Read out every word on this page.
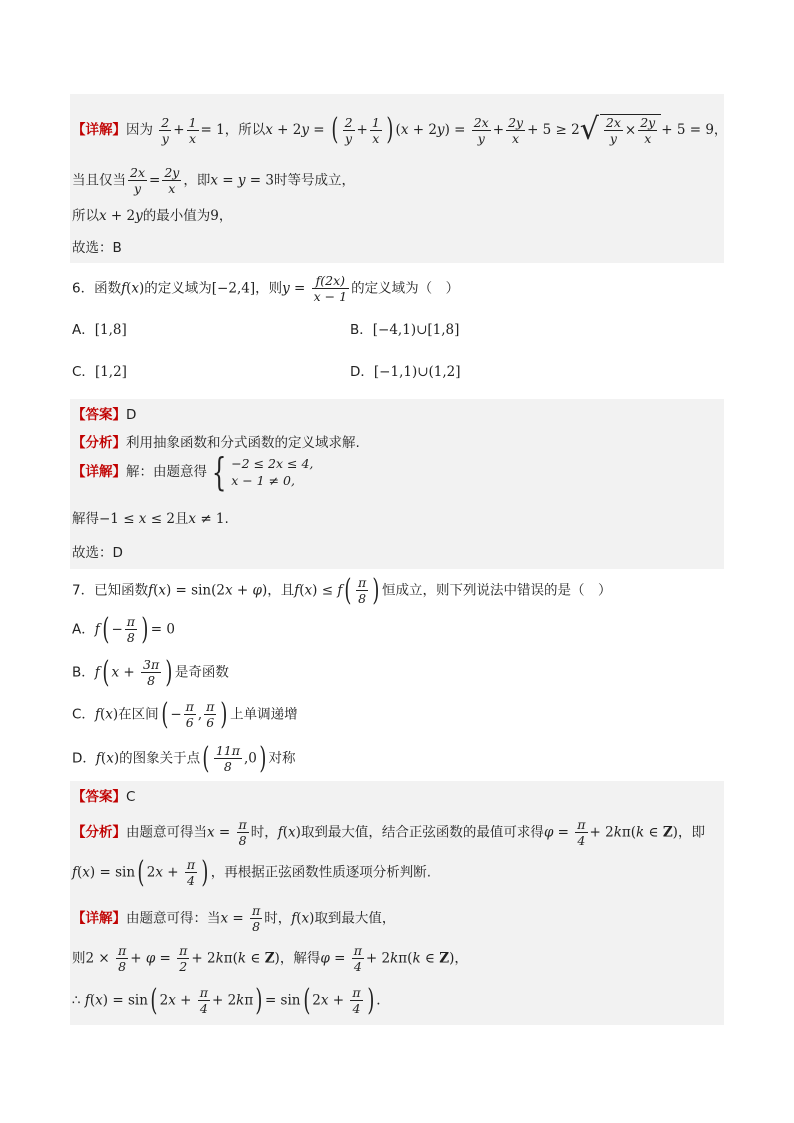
【详解】因为 $\frac{2}{y} + \frac{1}{x} = 1$，所以x + 2y = ( $\frac{2}{y} + \frac{1}{x}$ ) $(x + 2y) = \frac{2x}{y} + \frac{2y}{x} + 5 \ge 2√ \frac{2x}{y} \times \frac{2y}{x} + 5 = 9$，
当且仅当 $\frac{2x}{y} = \frac{2y}{x}$ ，即x = y = 3时等号成立，
所以x + 2y的最小值为9，
故选：B
6．函数f(x)的定义域为[−2,4]，则$y = \frac{f(2x)}{x - 1}$ 的定义域为（　）
A．[1,8]	B．[−4,1)∪[1,8]
C．[1,2]	D．[−1,1)∪(1,2]
【答案】D
【分析】利用抽象函数和分式函数的定义域求解.
【详解】解：由题意得 { −2 ≤ 2x ≤ 4,
x − 1 ≠ 0,
解得−1 ≤ x ≤ 2且x ≠ 1.
故选：D
7．已知函数f(x) = sin(2x + φ)，且$f(x) \le f( \frac{\pi}{8}$ ) 恒成立，则下列说法中错误的是（　）
A．$f( - \frac{\pi}{8}$ ) = 0
B．f( $x + \frac{3\pi}{8}$ ) 是奇函数
C．f(x)在区间( − $\frac{\pi}{6}$ , $\frac{\pi}{6}$ ) 上单调递增
D．f(x)的图象关于点( $\frac{11\pi}{8} ,0$) 对称
【答案】C
【分析】由题意可得当$x = \frac{\pi}{8}$ 时，f(x)取到最大值，结合正弦函数的最值可求得$\varphi = \frac{\pi}{4} + 2k\pi(k$ ∈ Z)，即
f(x) = sin( $2x + \frac{\pi}{4}$ ) ，再根据正弦函数性质逐项分析判断.
【详解】由题意可得：当$x = \frac{\pi}{8}$ 时，f(x)取到最大值，
则$2 \times \frac{\pi}{8} + \varphi = \frac{\pi}{2} + 2k\pi(k$ ∈ Z)，解得$\varphi = \frac{\pi}{4} + 2k\pi(k$ ∈ Z)，
∴ f(x) = sin( $2x + \frac{\pi}{4} + 2k\pi) = \sin$( $2x + \frac{\pi}{4}$ ) .
